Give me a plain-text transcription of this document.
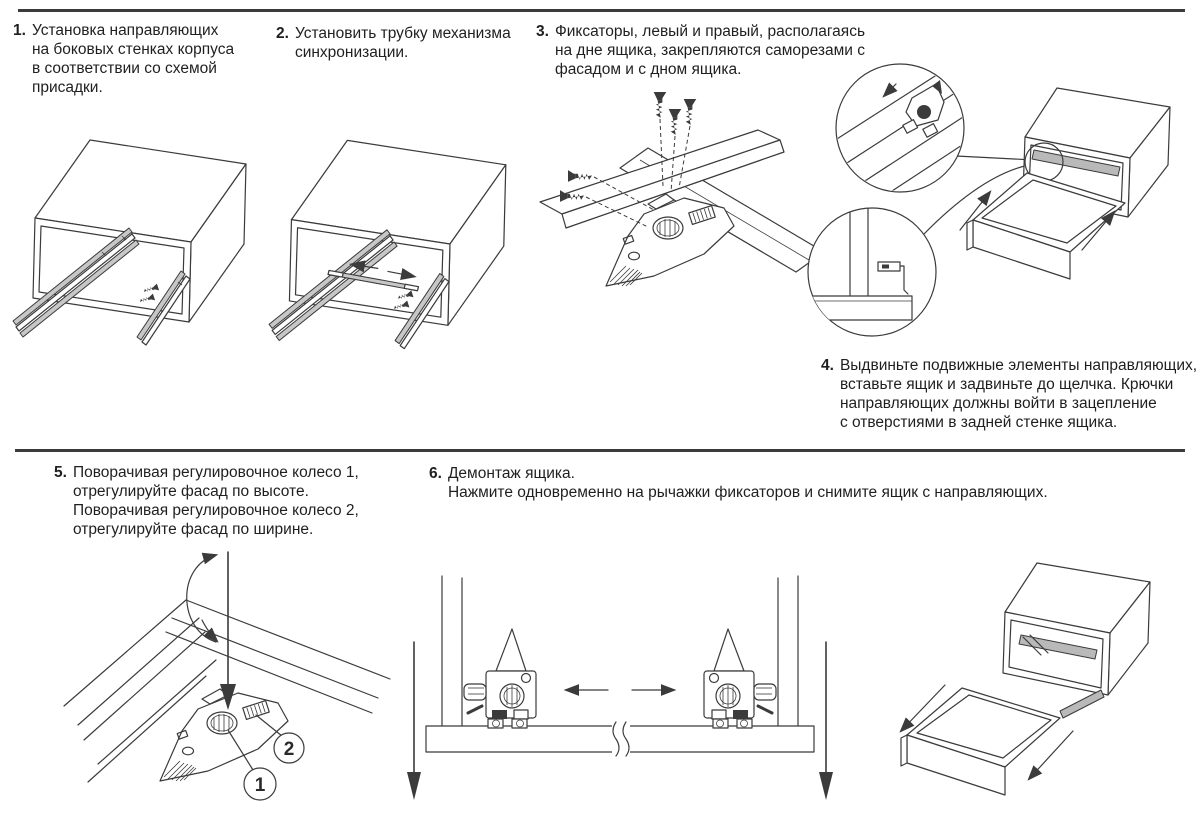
1. Установка направляющих
на боковых стенках корпуса
в соответствии со схемой
присадки.
2. Установить трубку механизма
синхронизации.
3. Фиксаторы, левый и правый, располагаясь
на дне ящика, закрепляются саморезами с
фасадом и с дном ящика.
4. Выдвиньте подвижные элементы направляющих,
вставьте ящик и задвиньте до щелчка. Крючки
направляющих должны войти в зацепление
с отверстиями в задней стенке ящика.
5. Поворачивая регулировочное колесо 1,
отрегулируйте фасад по высоте.
Поворачивая регулировочное колесо 2,
отрегулируйте фасад по ширине.
6. Демонтаж ящика.
Нажмите одновременно на рычажки фиксаторов и снимите ящик с направляющих.
1
2
